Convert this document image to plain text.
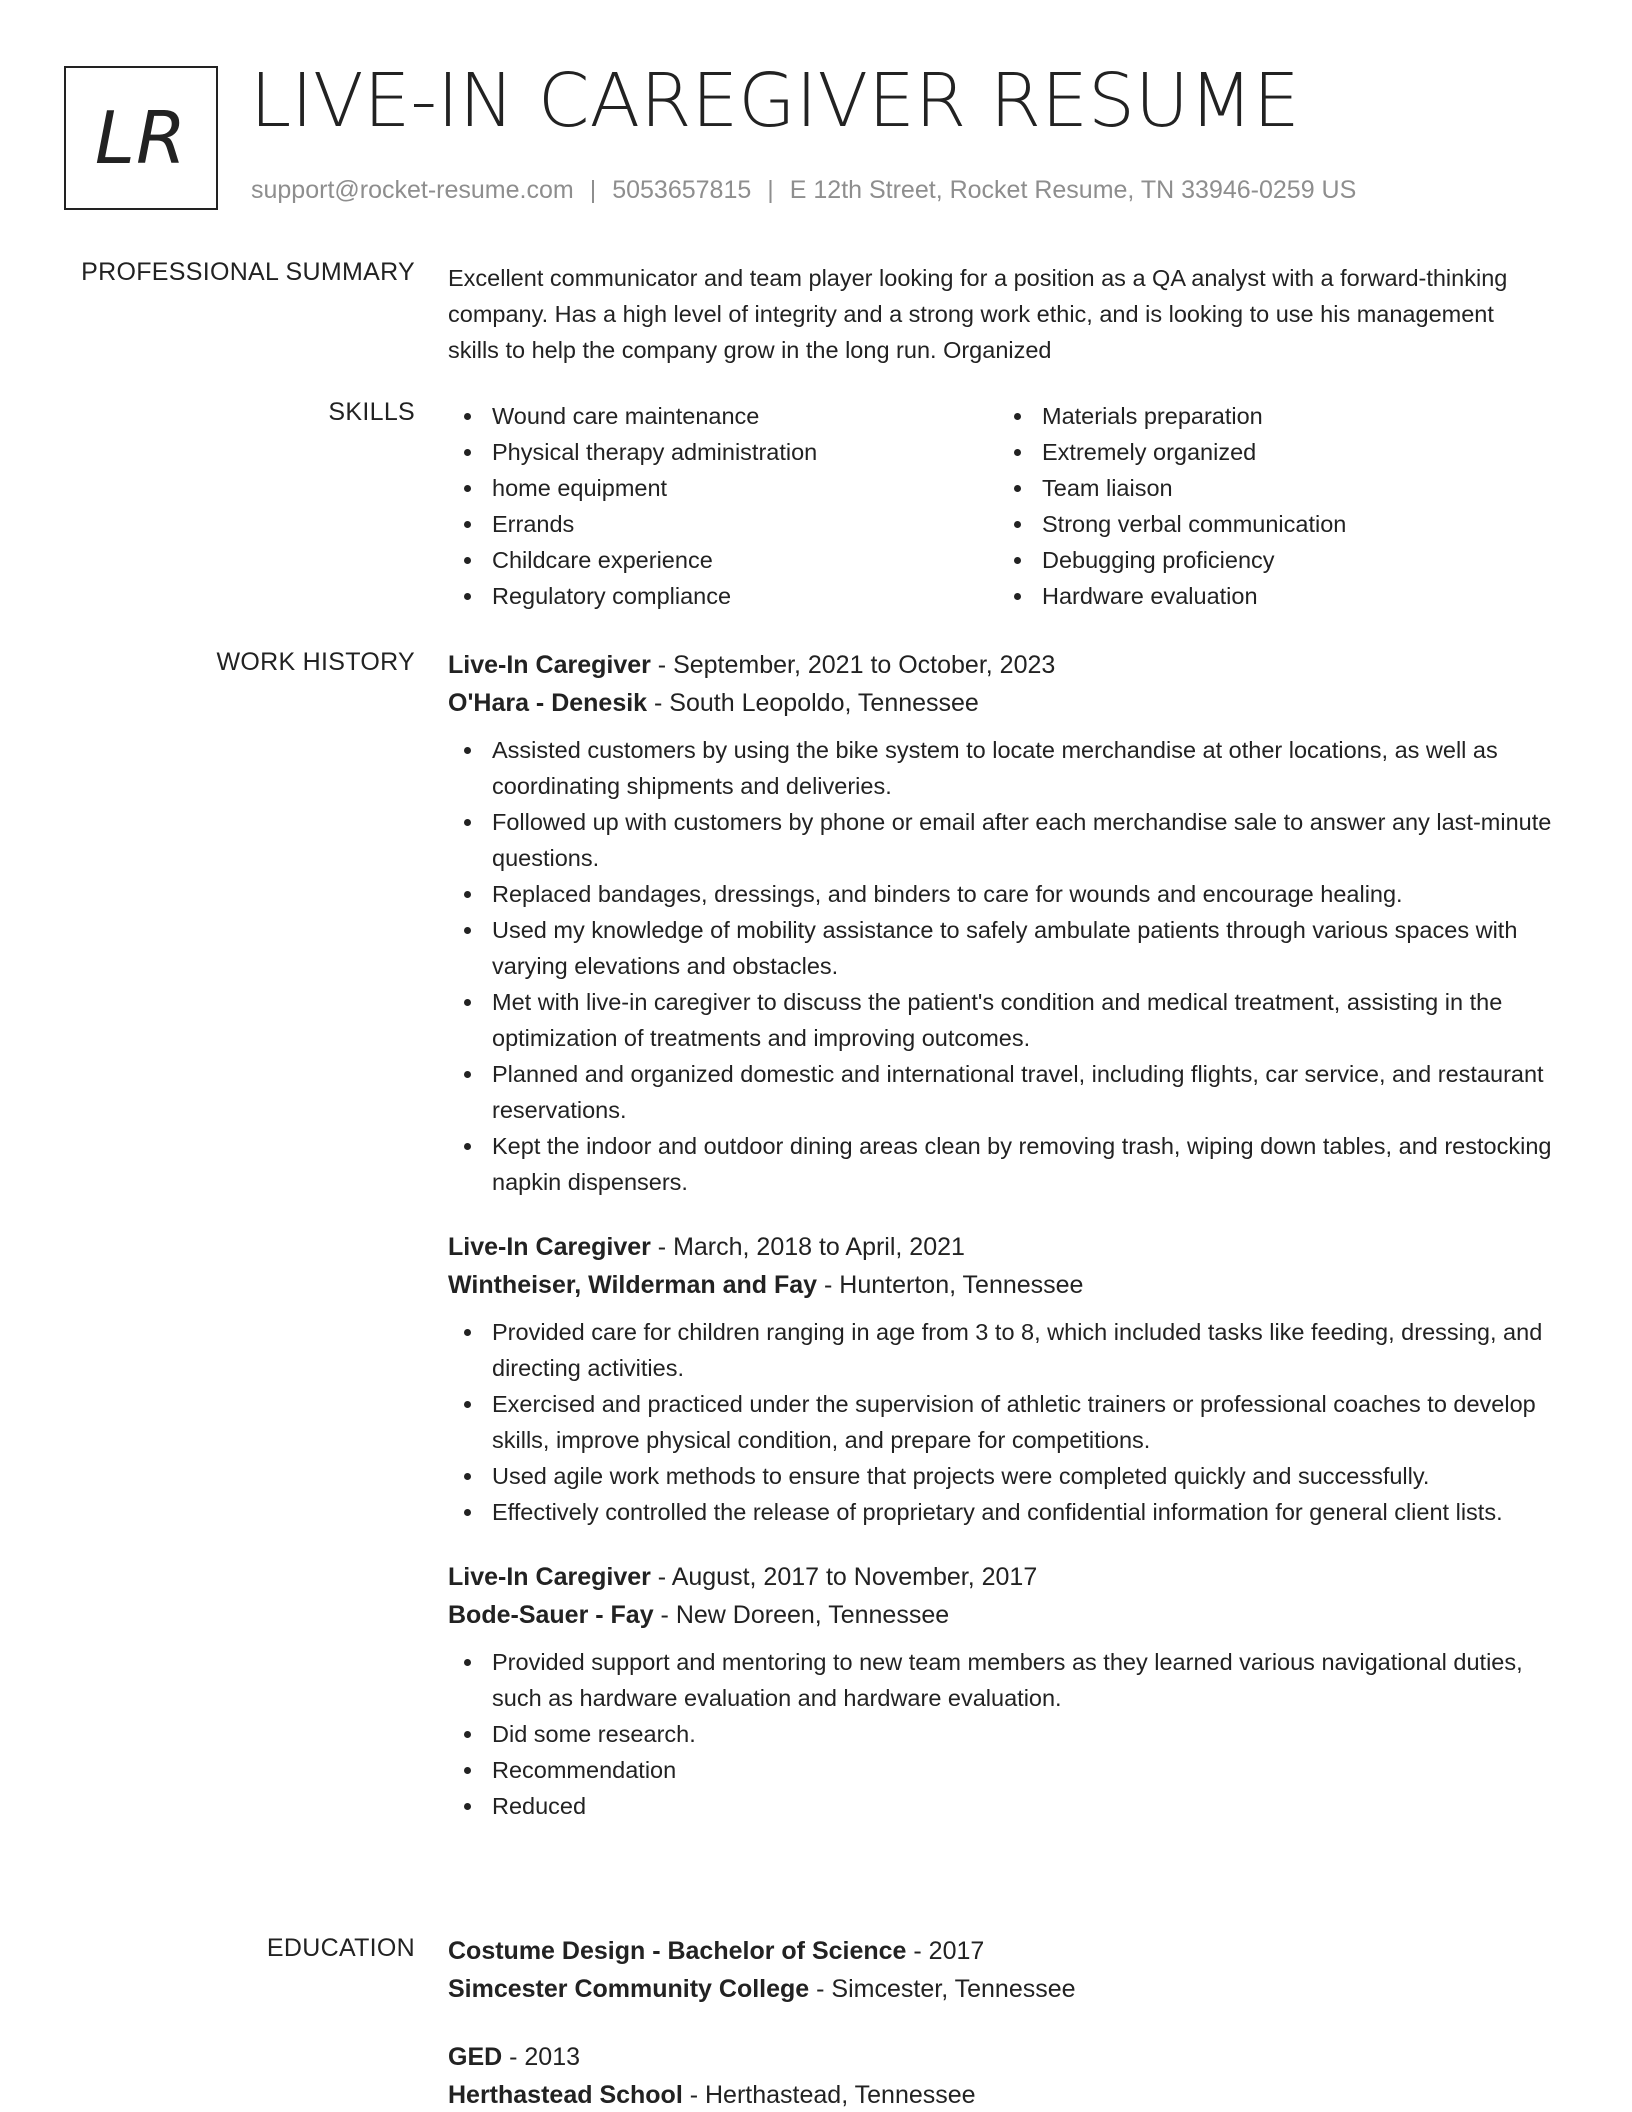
LR LIVE-IN CAREGIVER RESUME
support@rocket-resume.com | 5053657815 | E 12th Street, Rocket Resume, TN 33946-0259 US
PROFESSIONAL SUMMARY Excellent communicator and team player looking for a position as a QA analyst with a forward-thinking company. Has a high level of integrity and a strong work ethic, and is looking to use his management skills to help the company grow in the long run. Organized

SKILLS	Wound care maintenance
Physical therapy administration
home equipment
Errands
Childcare experience
Regulatory compliance
Materials preparation
Extremely organized
Team liaison
Strong verbal communication
Debugging proficiency
Hardware evaluation
WORK HISTORY Live-In Caregiver - September, 2021 to October, 2023
O'Hara - Denesik - South Leopoldo, Tennessee
Assisted customers by using the bike system to locate merchandise at other locations, as well as coordinating shipments and deliveries.
Followed up with customers by phone or email after each merchandise sale to answer any last-minute questions.
Replaced bandages, dressings, and binders to care for wounds and encourage healing.
Used my knowledge of mobility assistance to safely ambulate patients through various spaces with varying elevations and obstacles.
Met with live-in caregiver to discuss the patient's condition and medical treatment, assisting in the optimization of treatments and improving outcomes.
Planned and organized domestic and international travel, including flights, car service, and restaurant reservations.
Kept the indoor and outdoor dining areas clean by removing trash, wiping down tables, and restocking napkin dispensers.
Live-In Caregiver - March, 2018 to April, 2021
Wintheiser, Wilderman and Fay - Hunterton, Tennessee
Provided care for children ranging in age from 3 to 8, which included tasks like feeding, dressing, and directing activities.
Exercised and practiced under the supervision of athletic trainers or professional coaches to develop skills, improve physical condition, and prepare for competitions.
Used agile work methods to ensure that projects were completed quickly and successfully.
Effectively controlled the release of proprietary and confidential information for general client lists.
Live-In Caregiver - August, 2017 to November, 2017
Bode-Sauer - Fay - New Doreen, Tennessee
Provided support and mentoring to new team members as they learned various navigational duties, such as hardware evaluation and hardware evaluation.
Did some research.
Recommendation
Reduced
EDUCATION Costume Design - Bachelor of Science - 2017
Simcester Community College - Simcester, Tennessee
GED - 2013
Herthastead School - Herthastead, Tennessee
